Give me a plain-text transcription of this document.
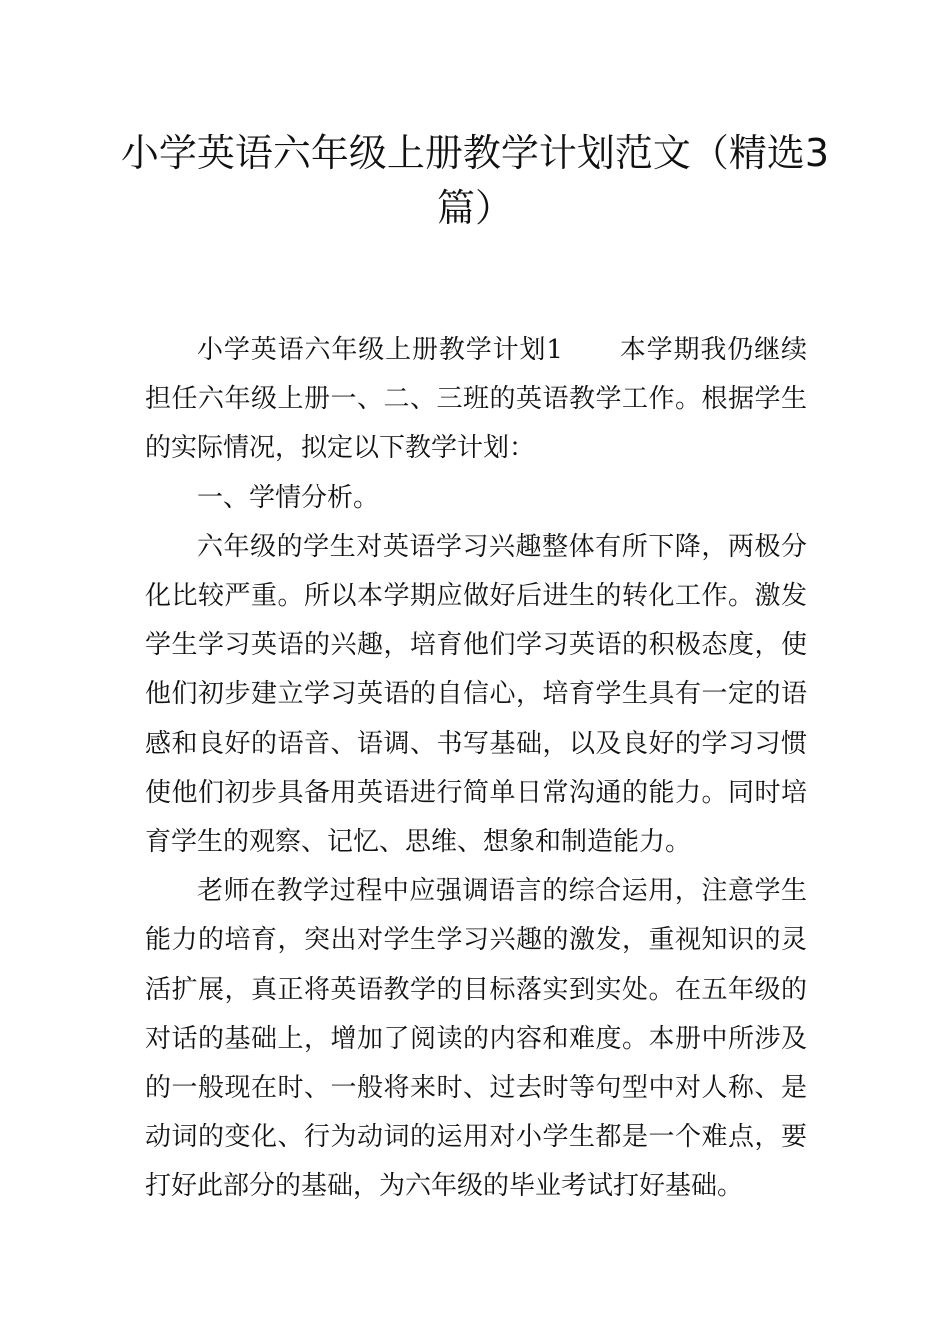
小学英语六年级上册教学计划范文（精选3篇）

小学英语六年级上册教学计划1 本学期我仍继续担任六年级上册一、二、三班的英语教学工作。根据学生的实际情况，拟定以下教学计划：

一、学情分析。

六年级的学生对英语学习兴趣整体有所下降，两极分化比较严重。所以本学期应做好后进生的转化工作。激发学生学习英语的兴趣，培育他们学习英语的积极态度，使他们初步建立学习英语的自信心，培育学生具有一定的语感和良好的语音、语调、书写基础，以及良好的学习习惯使他们初步具备用英语进行简单日常沟通的能力。同时培育学生的观察、记忆、思维、想象和制造能力。

老师在教学过程中应强调语言的综合运用，注意学生能力的培育，突出对学生学习兴趣的激发，重视知识的灵活扩展，真正将英语教学的目标落实到实处。在五年级的对话的基础上，增加了阅读的内容和难度。本册中所涉及的一般现在时、一般将来时、过去时等句型中对人称、是动词的变化、行为动词的运用对小学生都是一个难点，要打好此部分的基础，为六年级的毕业考试打好基础。
